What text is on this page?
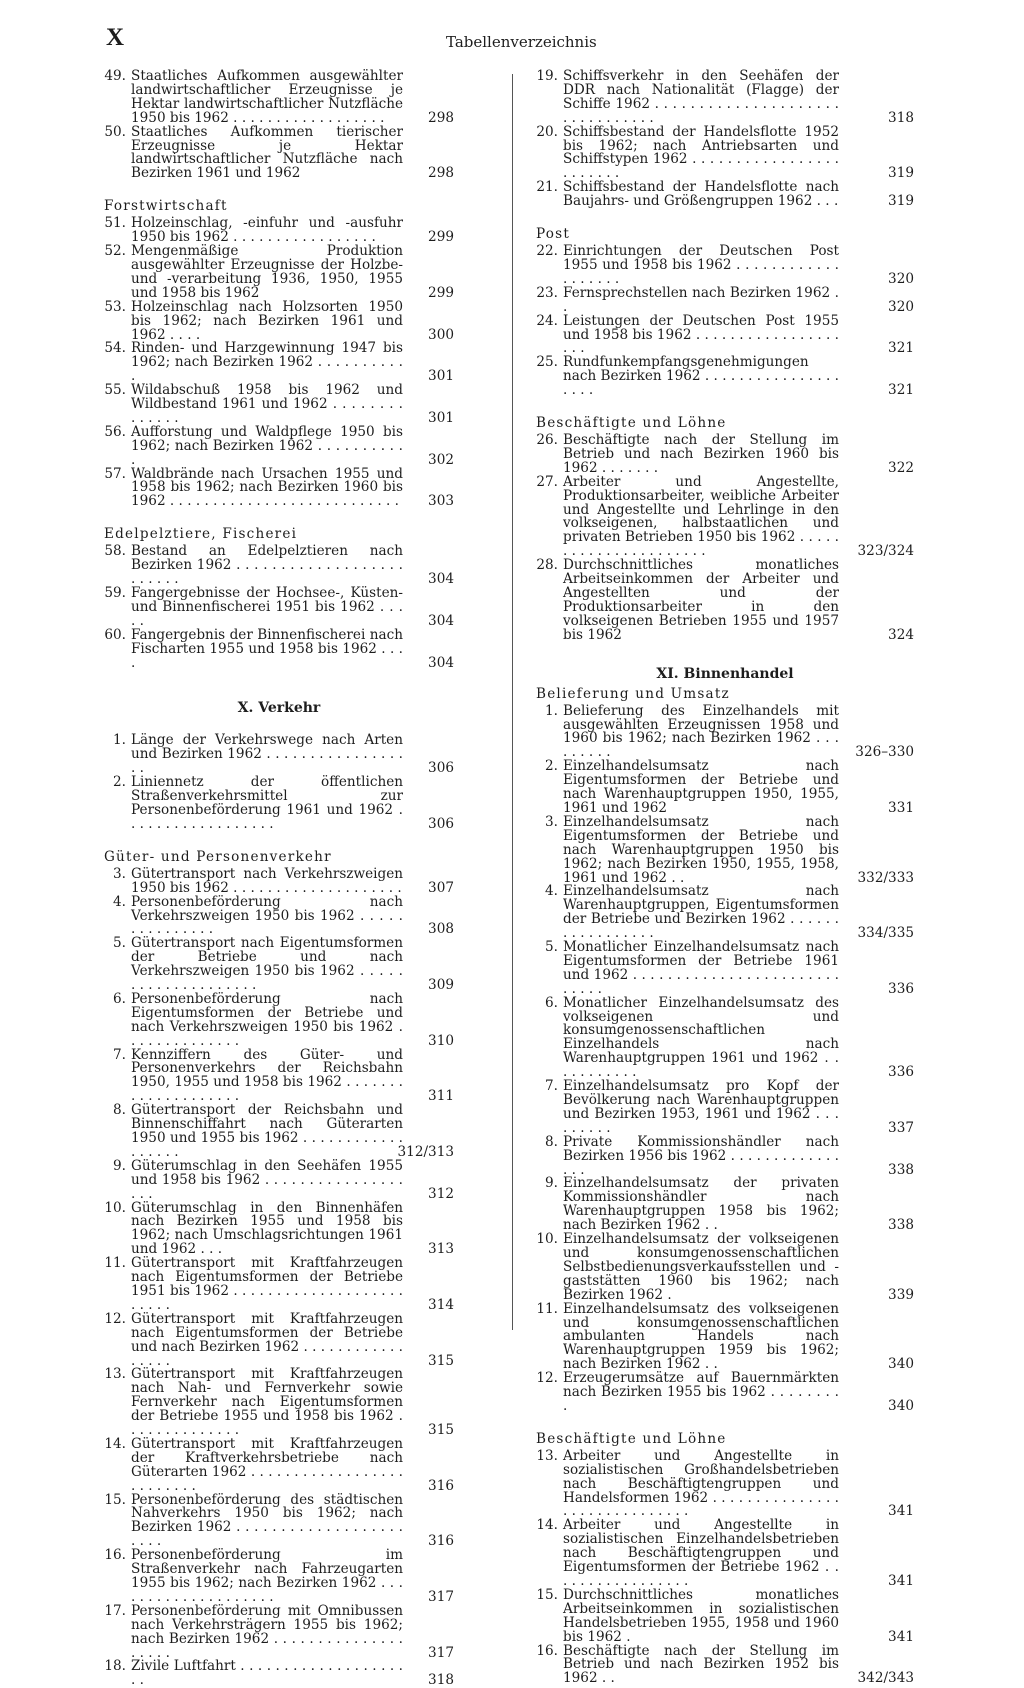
X	Tabellenverzeichnis
49. Staatliches Aufkommen ausgewählter landwirtschaftlicher Erzeugnisse je Hektar landwirtschaftlicher Nutzfläche 1950 bis 1962 . . . . . . . . . . . . . . . . . .	298
50. Staatliches Aufkommen tierischer Erzeugnisse je Hektar landwirtschaftlicher Nutzfläche nach Bezirken 1961 und 1962	298
Forstwirtschaft
51. Holzeinschlag, -einfuhr und -ausfuhr 1950 bis 1962 . . . . . . . . . . . . . . . . .	299
52. Mengenmäßige Produktion ausgewählter Erzeugnisse der Holzbe- und -verarbeitung 1936, 1950, 1955 und 1958 bis 1962	299
53. Holzeinschlag nach Holzsorten 1950 bis 1962; nach Bezirken 1961 und 1962 . . . .	300
54. Rinden- und Harzgewinnung 1947 bis 1962; nach Bezirken 1962 . . . . . . . . . . .	301
55. Wildabschuß 1958 bis 1962 und Wildbestand 1961 und 1962 . . . . . . . . . . . . . .	301
56. Aufforstung und Waldpflege 1950 bis 1962; nach Bezirken 1962 . . . . . . . . . . .	302
57. Waldbrände nach Ursachen 1955 und 1958 bis 1962; nach Bezirken 1960 bis 1962 . . . . . . . . . . . . . . . . . . . . . . . . . . . 303
Edelpelztiere, Fischerei
58. Bestand an Edelpelztieren nach Bezirken 1962 . . . . . . . . . . . . . . . . . . . . . . . . .	304
59. Fangergebnisse der Hochsee-, Küsten- und Binnenfischerei 1951 bis 1962 . . . . .	304
60. Fangergebnis der Binnenfischerei nach Fischarten 1955 und 1958 bis 1962 . . . .	304
X. Verkehr
1. Länge der Verkehrswege nach Arten und Bezirken 1962 . . . . . . . . . . . . . . . . . .	306
2. Liniennetz der öffentlichen Straßenverkehrsmittel zur Personenbeförderung 1961 und 1962 . . . . . . . . . . . . . . . . . .	306
Güter- und Personenverkehr
3. Gütertransport nach Verkehrszweigen 1950 bis 1962 . . . . . . . . . . . . . . . . . . . . 307
4. Personenbeförderung nach Verkehrszweigen 1950 bis 1962 . . . . . . . . . . . . . . .	308
5. Gütertransport nach Eigentumsformen der Betriebe und nach Verkehrszweigen 1950 bis 1962 . . . . . . . . . . . . . . . . . . . .	309
6. Personenbeförderung nach Eigentumsformen der Betriebe und nach Verkehrszweigen 1950 bis 1962 . . . . . . . . . . . . . .	310
7. Kennziffern des Güter- und Personenverkehrs der Reichsbahn 1950, 1955 und 1958 bis 1962 . . . . . . . . . . . . . . . . . . . .	311
8. Gütertransport der Reichsbahn und Binnenschiffahrt nach Güterarten 1950 und 1955 bis 1962 . . . . . . . . . . . . . . . . . .	312/313
9. Güterumschlag in den Seehäfen 1955 und 1958 bis 1962 . . . . . . . . . . . . . . . . . . .	312
10. Güterumschlag in den Binnenhäfen nach Bezirken 1955 und 1958 bis 1962; nach Umschlagsrichtungen 1961 und 1962 . . .	313
11. Gütertransport mit Kraftfahrzeugen nach Eigentumsformen der Betriebe 1951 bis 1962 . . . . . . . . . . . . . . . . . . . . . . . . .	314
12. Gütertransport mit Kraftfahrzeugen nach Eigentumsformen der Betriebe und nach Bezirken 1962 . . . . . . . . . . . . . . . . .	315
13. Gütertransport mit Kraftfahrzeugen nach Nah- und Fernverkehr sowie Fernverkehr nach Eigentumsformen der Betriebe 1955 und 1958 bis 1962 . . . . . . . . . . . . . .	315
14. Gütertransport mit Kraftfahrzeugen der Kraftverkehrsbetriebe nach Güterarten 1962 . . . . . . . . . . . . . . . . . . . . . . . . . .	316
15. Personenbeförderung des städtischen Nahverkehrs 1950 bis 1962; nach Bezirken 1962 . . . . . . . . . . . . . . . . . . . . . . .	316
16. Personenbeförderung im Straßenverkehr nach Fahrzeugarten 1955 bis 1962; nach Bezirken 1962 . . . . . . . . . . . . . . . . . . . .	317
17. Personenbeförderung mit Omnibussen nach Verkehrsträgern 1955 bis 1962; nach Bezirken 1962 . . . . . . . . . . . . . . . . . . . .	317
18. Zivile Luftfahrt . . . . . . . . . . . . . . . . . . . . .	318
19. Schiffsverkehr in den Seehäfen der DDR nach Nationalität (Flagge) der Schiffe 1962 . . . . . . . . . . . . . . . . . . . . . . . . . . . . . . . .	318
20. Schiffsbestand der Handelsflotte 1952 bis 1962; nach Antriebsarten und Schiffstypen 1962 . . . . . . . . . . . . . . . . . . . . . . . .	319
21. Schiffsbestand der Handelsflotte nach Baujahrs- und Größengruppen 1962 . . .	319
Post
22. Einrichtungen der Deutschen Post 1955 und 1958 bis 1962 . . . . . . . . . . . . . . . . . . .	320
23. Fernsprechstellen nach Bezirken 1962 . .	320
24. Leistungen der Deutschen Post 1955 und 1958 bis 1962 . . . . . . . . . . . . . . . . . . . .	321
25. Rundfunkempfangsgenehmigungen nach Bezirken 1962 . . . . . . . . . . . . . . . . . . . .	321
Beschäftigte und Löhne
26. Beschäftigte nach der Stellung im Betrieb und nach Bezirken 1960 bis 1962 . . . . . . .	322
27. Arbeiter und Angestellte, Produktionsarbeiter, weibliche Arbeiter und Angestellte und Lehrlinge in den volkseigenen, halbstaatlichen und privaten Betrieben 1950 bis 1962 . . . . . . . . . . . . . . . . . . . . . .	323/324
28. Durchschnittliches monatliches Arbeitseinkommen der Arbeiter und Angestellten und der Produktionsarbeiter in den volkseigenen Betrieben 1955 und 1957 bis 1962	324
XI. Binnenhandel
Belieferung und Umsatz
1. Belieferung des Einzelhandels mit ausgewählten Erzeugnissen 1958 und 1960 bis 1962; nach Bezirken 1962 . . . . . . . . .	326–330
2. Einzelhandelsumsatz nach Eigentumsformen der Betriebe und nach Warenhauptgruppen 1950, 1955, 1961 und 1962	331
3. Einzelhandelsumsatz nach Eigentumsformen der Betriebe und nach Warenhauptgruppen 1950 bis 1962; nach Bezirken 1950, 1955, 1958, 1961 und 1962 . .	332/333
4. Einzelhandelsumsatz nach Warenhauptgruppen, Eigentumsformen der Betriebe und Bezirken 1962 . . . . . . . . . . . . . . . . .	334/335
5. Monatlicher Einzelhandelsumsatz nach Eigentumsformen der Betriebe 1961 und 1962 . . . . . . . . . . . . . . . . . . . . . . . . . . . . .	336
6. Monatlicher Einzelhandelsumsatz des volkseigenen und konsumgenossenschaftlichen Einzelhandels nach Warenhauptgruppen 1961 und 1962 . . . . . . . . . . .	336
7. Einzelhandelsumsatz pro Kopf der Bevölkerung nach Warenhauptgruppen und Bezirken 1953, 1961 und 1962 . . . . . . . . .	337
8. Private Kommissionshändler nach Bezirken 1956 bis 1962 . . . . . . . . . . . . . . . .	338
9. Einzelhandelsumsatz der privaten Kommissionshändler nach Warenhauptgruppen 1958 bis 1962; nach Bezirken 1962 . .	338
10. Einzelhandelsumsatz der volkseigenen und konsumgenossenschaftlichen Selbstbedienungsverkaufsstellen und -gaststätten 1960 bis 1962; nach Bezirken 1962 .	339
11. Einzelhandelsumsatz des volkseigenen und konsumgenossenschaftlichen ambulanten Handels nach Warenhauptgruppen 1959 bis 1962; nach Bezirken 1962 . .	340
12. Erzeugerumsätze auf Bauernmärkten nach Bezirken 1955 bis 1962 . . . . . . . . .	340
Beschäftigte und Löhne
13. Arbeiter und Angestellte in sozialistischen Großhandelsbetrieben nach Beschäftigtengruppen und Handelsformen 1962 . . . . . . . . . . . . . . . . . . . . . . . . . . . . . .	341
14. Arbeiter und Angestellte in sozialistischen Einzelhandelsbetrieben nach Beschäftigtengruppen und Eigentumsformen der Betriebe 1962 . . . . . . . . . . . . . . . . .	341
15. Durchschnittliches monatliches Arbeitseinkommen in sozialistischen Handelsbetrieben 1955, 1958 und 1960 bis 1962 .	341
16. Beschäftigte nach der Stellung im Betrieb und nach Bezirken 1952 bis 1962 . .	342/343
